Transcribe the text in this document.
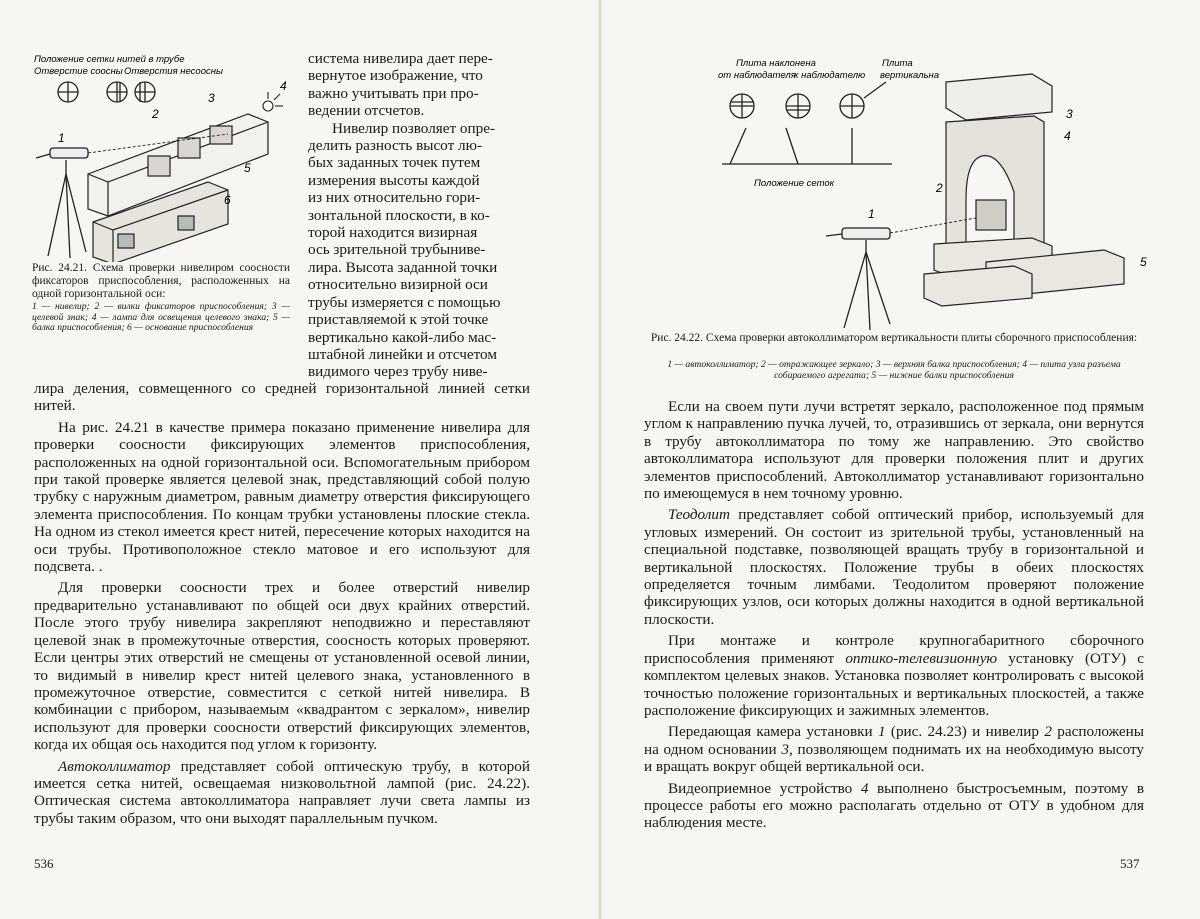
Положение сетки нитей в трубе
Отверстие соосны Отверстия несоосны
1
2
3
4
5
6
Рис. 24.21. Схема проверки нивелиром соосности фиксаторов приспособления, расположенных на одной горизонтальной оси:
1 — нивелир; 2 — вилки фиксаторов приспособления; 3 — целевой знак; 4 — лампа для освещения целевого знака; 5 — балка приспособления; 6 — основание приспособления

система нивелира дает пере-

вернутое изображение, что

важно учитывать при про-

ведении отсчетов.

Нивелир позволяет опре-

делить разность высот лю-

бых заданных точек путем

измерения высоты каждой

из них относительно гори-

зонтальной плоскости, в ко-

торой находится визирная

ось зрительной трубыниве-

лира. Высота заданной точки

относительно визирной оси

трубы измеряется с помощью

приставляемой к этой точке

вертикально какой-либо мас-

штабной линейки и отсчетом

видимого через трубу ниве-

лира деления, совмещенного со средней горизонтальной линией сетки нитей.

На рис. 24.21 в качестве примера показано применение нивелира для проверки соосности фиксирующих элементов приспособления, расположенных на одной горизонтальной оси. Вспомогательным прибором при такой проверке является целевой знак, представляющий собой полую трубку с наружным диаметром, равным диаметру отверстия фиксирующего элемента приспособления. По концам трубки установлены плоские стекла. На одном из стекол имеется крест нитей, пересечение которых находится на оси трубы. Противоположное стекло матовое и его используют для подсвета. .

Для проверки соосности трех и более отверстий нивелир предварительно устанавливают по общей оси двух крайних отверстий. После этого трубу нивелира закрепляют неподвижно и переставляют целевой знак в промежуточные отверстия, соосность которых проверяют. Если центры этих отверстий не смещены от установленной осевой линии, то видимый в нивелир крест нитей целевого знака, установленного в промежуточное отверстие, совместится с сеткой нитей нивелира. В комбинации с прибором, называемым «квадрантом с зеркалом», нивелир используют для проверки соосности отверстий фиксирующих элементов, когда их общая ось находится под углом к горизонту.

Автоколлиматор представляет собой оптическую трубу, в которой имеется сетка нитей, освещаемая низковольтной лампой (рис. 24.22). Оптическая система автоколлиматора направляет лучи света лампы из трубы таким образом, что они выходят параллельным пучком.

536
Плита наклонена	Плита
от наблюдателя
к наблюдателю вертикальна
Положение сеток
1
2
3
4
5
Рис. 24.22. Схема проверки автоколлиматором вертикальности плиты сборочного приспособления:
1 — автоколлиматор; 2 — отражающее зеркало; 3 — верхняя балка приспособления; 4 — плита узла разъема собираемого агрегата; 5 — нижние балки приспособления

Если на своем пути лучи встретят зеркало, расположенное под прямым углом к направлению пучка лучей, то, отразившись от зеркала, они вернутся в трубу автоколлиматора по тому же направлению. Это свойство автоколлиматора используют для проверки положения плит и других элементов приспособлений. Автоколлиматор устанавливают горизонтально по имеющемуся в нем точному уровню.

Теодолит представляет собой оптический прибор, используемый для угловых измерений. Он состоит из зрительной трубы, установленный на специальной подставке, позволяющей вращать трубу в горизонтальной и вертикальной плоскостях. Положение трубы в обеих плоскостях определяется точным лимбами. Теодолитом проверяют положение фиксирующих узлов, оси которых должны находится в одной вертикальной плоскости.

При монтаже и контроле крупногабаритного сборочного приспособления применяют оптико-телевизионную установку (ОТУ) с комплектом целевых знаков. Установка позволяет контролировать с высокой точностью положение горизонтальных и вертикальных плоскостей, а также расположение фиксирующих и зажимных элементов.

Передающая камера установки 1 (рис. 24.23) и нивелир 2 расположены на одном основании 3, позволяющем поднимать их на необходимую высоту и вращать вокруг общей вертикальной оси.

Видеоприемное устройство 4 выполнено быстросъемным, поэтому в процессе работы его можно располагать отдельно от ОТУ в удобном для наблюдения месте.

537
